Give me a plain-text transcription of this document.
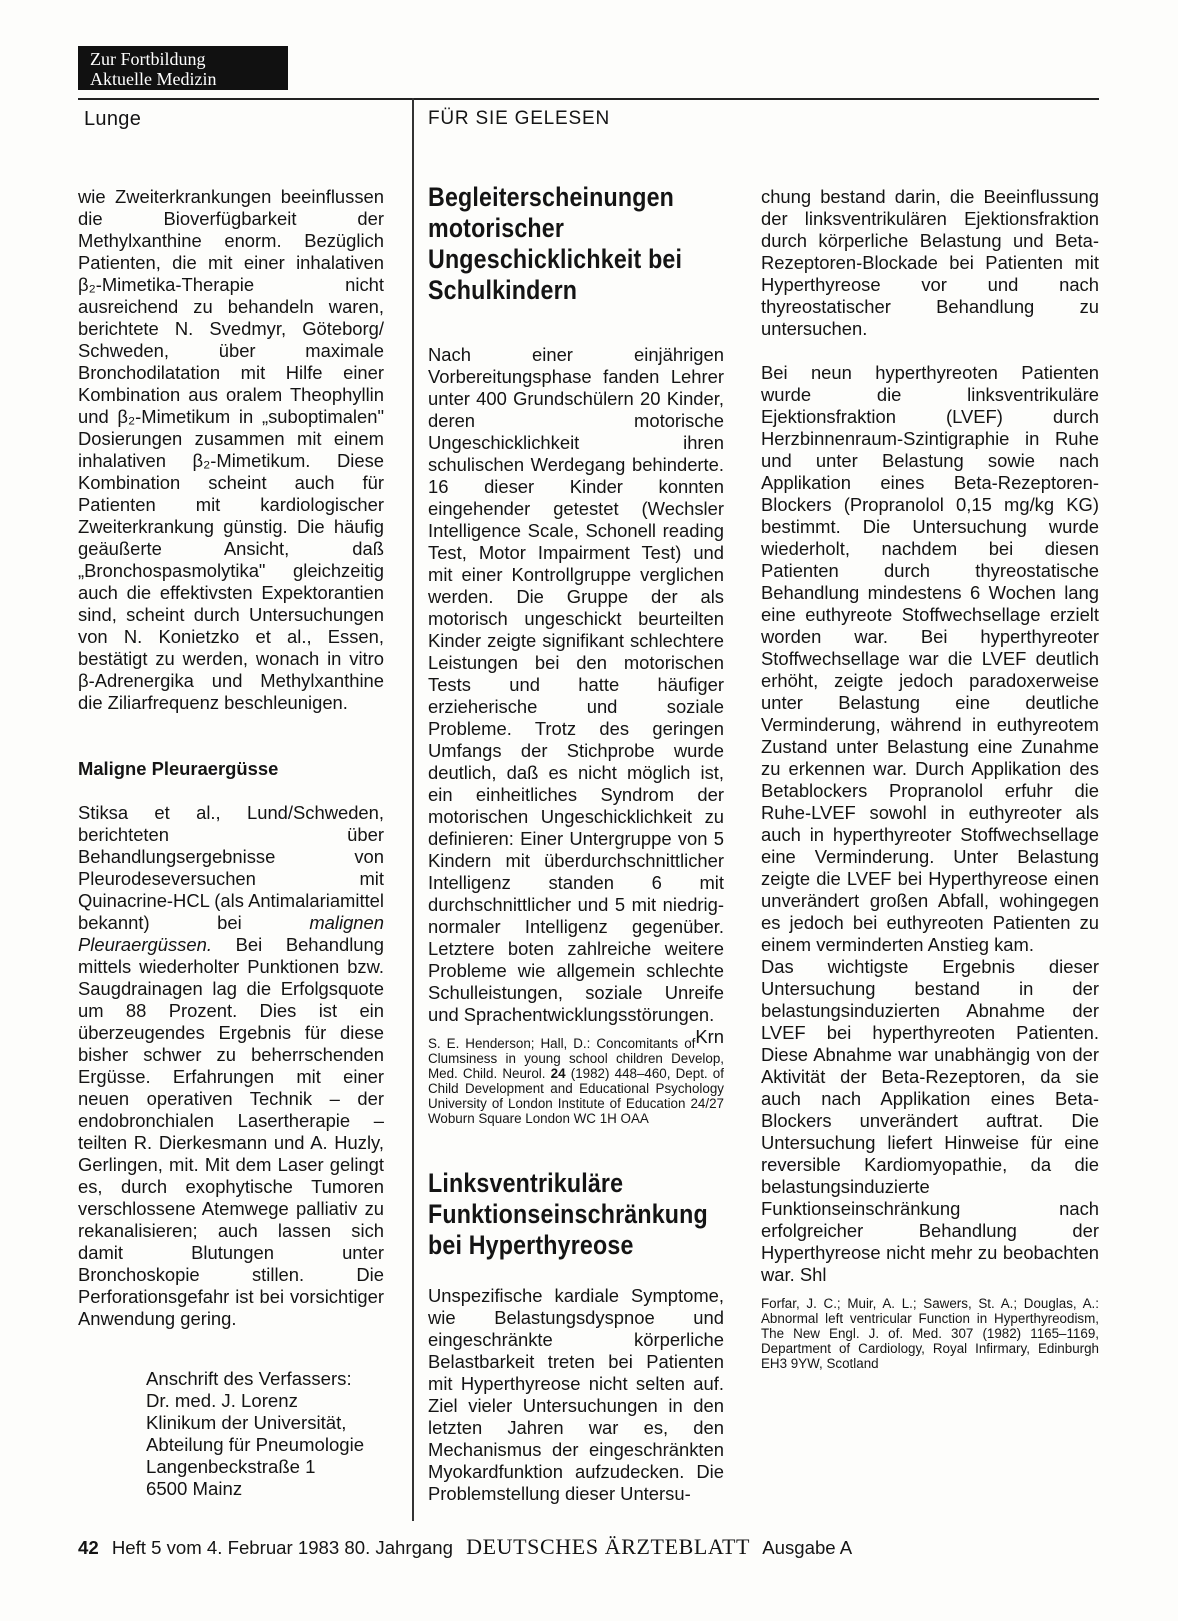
Zur Fortbildung
Aktuelle Medizin
Lunge	FÜR SIE GELESEN

wie Zweiterkrankungen beeinflussen die Bioverfügbarkeit der Methylxanthine enorm. Bezüglich Patienten, die mit einer inhalativen β₂-Mimetika-Therapie nicht ausreichend zu behandeln waren, berichtete N. Svedmyr, Göteborg/ Schweden, über maximale Bronchodilatation mit Hilfe einer Kombination aus oralem Theophyllin und β₂-Mimetikum in „suboptimalen" Dosierungen zusammen mit einem inhalativen β₂-Mimetikum. Diese Kombination scheint auch für Patienten mit kardiologischer Zweiterkrankung günstig. Die häufig geäußerte Ansicht, daß „Bronchospasmolytika" gleichzeitig auch die effektivsten Expektorantien sind, scheint durch Untersuchungen von N. Konietzko et al., Essen, bestätigt zu werden, wonach in vitro β-Adrenergika und Methylxanthine die Ziliarfrequenz beschleunigen.

Maligne Pleuraergüsse

Stiksa et al., Lund/Schweden, berichteten über Behandlungsergebnisse von Pleurodeseversuchen mit Quinacrine-HCL (als Antimalariamittel bekannt) bei malignen Pleuraergüssen. Bei Behandlung mittels wiederholter Punktionen bzw. Saugdrainagen lag die Erfolgsquote um 88 Prozent. Dies ist ein überzeugendes Ergebnis für diese bisher schwer zu beherrschenden Ergüsse. Erfahrungen mit einer neuen operativen Technik – der endobronchialen Lasertherapie – teilten R. Dierkesmann und A. Huzly, Gerlingen, mit. Mit dem Laser gelingt es, durch exophytische Tumoren verschlossene Atemwege palliativ zu rekanalisieren; auch lassen sich damit Blutungen unter Bronchoskopie stillen. Die Perforationsgefahr ist bei vorsichtiger Anwendung gering.

Anschrift des Verfassers:
Dr. med. J. Lorenz
Klinikum der Universität,
Abteilung für Pneumologie
Langenbeckstraße 1
6500 Mainz
Begleiterscheinungen motorischer Ungeschicklichkeit bei Schulkindern

Nach einer einjährigen Vorbereitungsphase fanden Lehrer unter 400 Grundschülern 20 Kinder, deren motorische Ungeschicklichkeit ihren schulischen Werdegang behinderte. 16 dieser Kinder konnten eingehender getestet (Wechsler Intelligence Scale, Schonell reading Test, Motor Impairment Test) und mit einer Kontrollgruppe verglichen werden. Die Gruppe der als motorisch ungeschickt beurteilten Kinder zeigte signifikant schlechtere Leistungen bei den motorischen Tests und hatte häufiger erzieherische und soziale Probleme. Trotz des geringen Umfangs der Stichprobe wurde deutlich, daß es nicht möglich ist, ein einheitliches Syndrom der motorischen Ungeschicklichkeit zu definieren: Einer Untergruppe von 5 Kindern mit überdurchschnittlicher Intelligenz standen 6 mit durchschnittlicher und 5 mit niedrig-normaler Intelligenz gegenüber. Letztere boten zahlreiche weitere Probleme wie allgemein schlechte Schulleistungen, soziale Unreife und Sprachentwicklungsstörungen.
Krn

S. E. Henderson; Hall, D.: Concomitants of Clumsiness in young school children Develop, Med. Child. Neurol. 24 (1982) 448–460, Dept. of Child Development and Educational Psychology University of London Institute of Education 24/27 Woburn Square London WC 1H OAA

Linksventrikuläre Funktionseinschränkung bei Hyperthyreose

Unspezifische kardiale Symptome, wie Belastungsdyspnoe und eingeschränkte körperliche Belastbarkeit treten bei Patienten mit Hyperthyreose nicht selten auf. Ziel vieler Untersuchungen in den letzten Jahren war es, den Mechanismus der eingeschränkten Myokardfunktion aufzudecken. Die Problemstellung dieser Untersu-

chung bestand darin, die Beeinflussung der linksventrikulären Ejektionsfraktion durch körperliche Belastung und Beta-Rezeptoren-Blockade bei Patienten mit Hyperthyreose vor und nach thyreostatischer Behandlung zu untersuchen.

Bei neun hyperthyreoten Patienten wurde die linksventrikuläre Ejektionsfraktion (LVEF) durch Herzbinnenraum-Szintigraphie in Ruhe und unter Belastung sowie nach Applikation eines Beta-Rezeptoren-Blockers (Propranolol 0,15 mg/kg KG) bestimmt. Die Untersuchung wurde wiederholt, nachdem bei diesen Patienten durch thyreostatische Behandlung mindestens 6 Wochen lang eine euthyreote Stoffwechsellage erzielt worden war. Bei hyperthyreoter Stoffwechsellage war die LVEF deutlich erhöht, zeigte jedoch paradoxerweise unter Belastung eine deutliche Verminderung, während in euthyreotem Zustand unter Belastung eine Zunahme zu erkennen war. Durch Applikation des Betablockers Propranolol erfuhr die Ruhe-LVEF sowohl in euthyreoter als auch in hyperthyreoter Stoffwechsellage eine Verminderung. Unter Belastung zeigte die LVEF bei Hyperthyreose einen unverändert großen Abfall, wohingegen es jedoch bei euthyreoten Patienten zu einem verminderten Anstieg kam.

Das wichtigste Ergebnis dieser Untersuchung bestand in der belastungsinduzierten Abnahme der LVEF bei hyperthyreoten Patienten. Diese Abnahme war unabhängig von der Aktivität der Beta-Rezeptoren, da sie auch nach Applikation eines Beta-Blockers unverändert auftrat. Die Untersuchung liefert Hinweise für eine reversible Kardiomyopathie, da die belastungsinduzierte Funktionseinschränkung nach erfolgreicher Behandlung der Hyperthyreose nicht mehr zu beobachten war. Shl

Forfar, J. C.; Muir, A. L.; Sawers, St. A.; Douglas, A.: Abnormal left ventricular Function in Hyperthyreodism, The New Engl. J. of. Med. 307 (1982) 1165–1169, Department of Cardiology, Royal Infirmary, Edinburgh EH3 9YW, Scotland

42 Heft 5 vom 4. Februar 1983 80. Jahrgang DEUTSCHES ÄRZTEBLATT Ausgabe A
